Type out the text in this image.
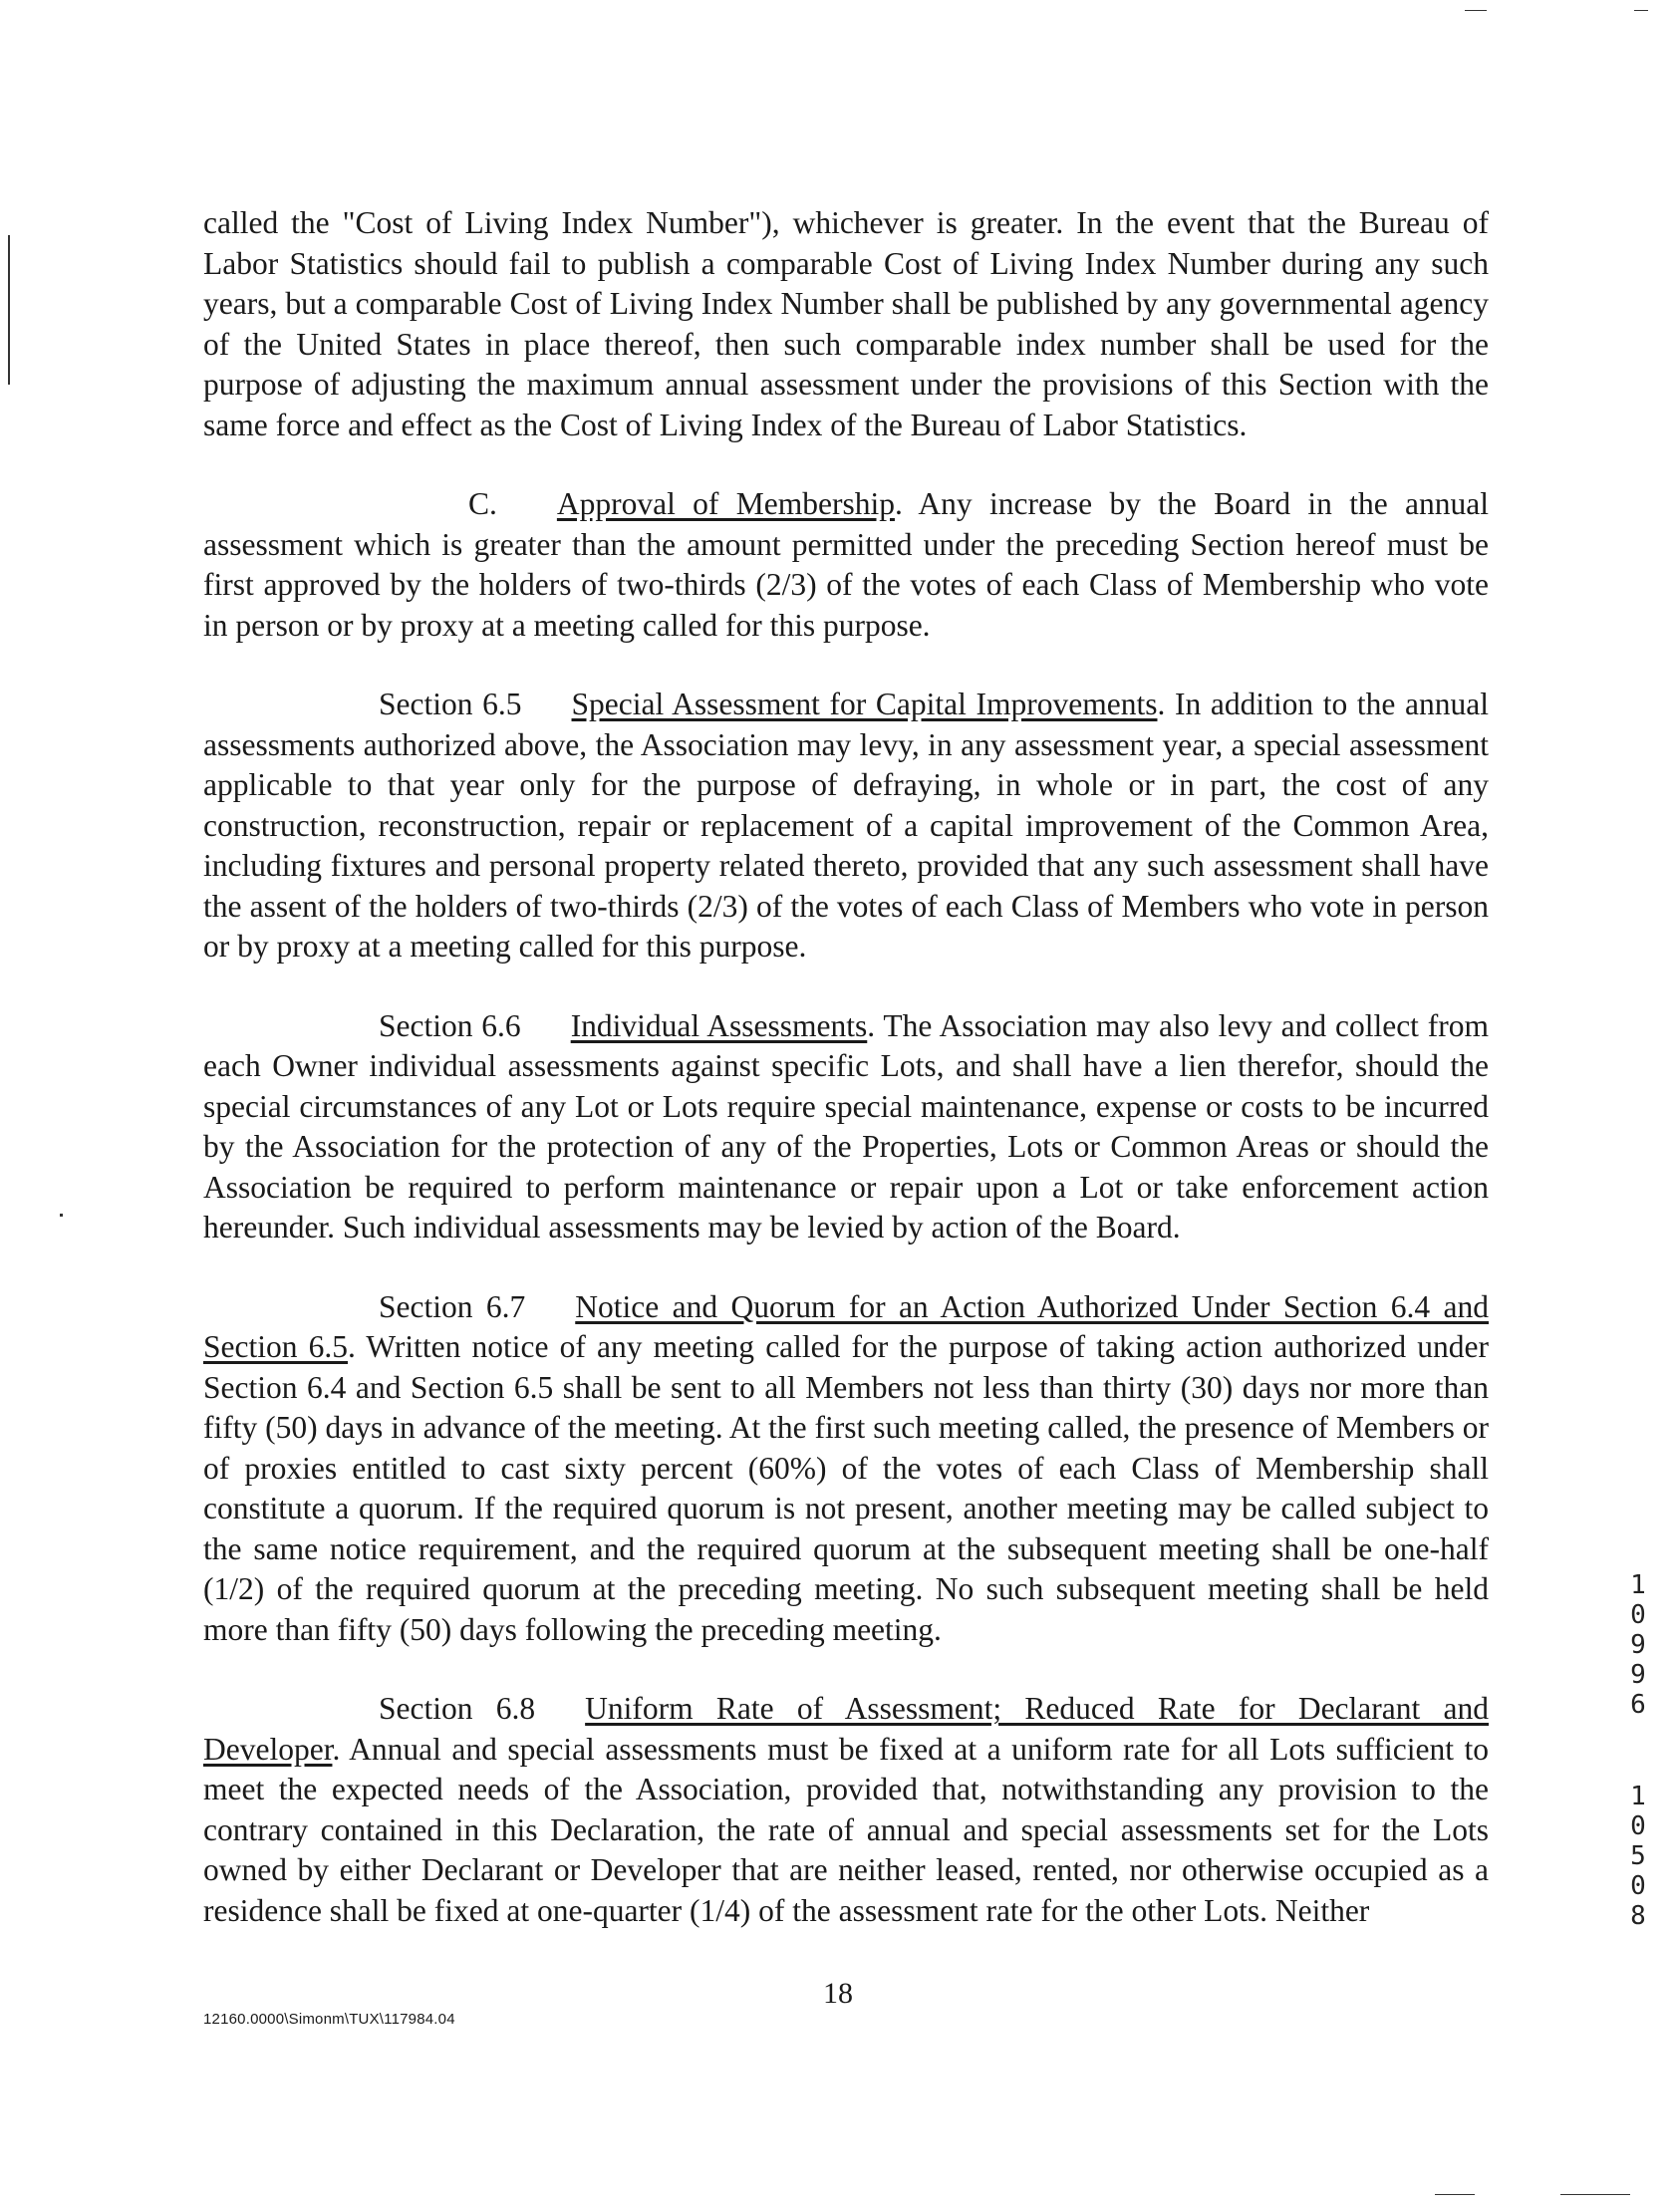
called the "Cost of Living Index Number"), whichever is greater. In the event that the Bureau of Labor Statistics should fail to publish a comparable Cost of Living Index Number during any such years, but a comparable Cost of Living Index Number shall be published by any governmental agency of the United States in place thereof, then such comparable index number shall be used for the purpose of adjusting the maximum annual assessment under the provisions of this Section with the same force and effect as the Cost of Living Index of the Bureau of Labor Statistics.

C. Approval of Membership. Any increase by the Board in the annual assessment which is greater than the amount permitted under the preceding Section hereof must be first approved by the holders of two-thirds (2/3) of the votes of each Class of Membership who vote in person or by proxy at a meeting called for this purpose.

Section 6.5 Special Assessment for Capital Improvements. In addition to the annual assessments authorized above, the Association may levy, in any assessment year, a special assessment applicable to that year only for the purpose of defraying, in whole or in part, the cost of any construction, reconstruction, repair or replacement of a capital improvement of the Common Area, including fixtures and personal property related thereto, provided that any such assessment shall have the assent of the holders of two-thirds (2/3) of the votes of each Class of Members who vote in person or by proxy at a meeting called for this purpose.

Section 6.6 Individual Assessments. The Association may also levy and collect from each Owner individual assessments against specific Lots, and shall have a lien therefor, should the special circumstances of any Lot or Lots require special maintenance, expense or costs to be incurred by the Association for the protection of any of the Properties, Lots or Common Areas or should the Association be required to perform maintenance or repair upon a Lot or take enforcement action hereunder. Such individual assessments may be levied by action of the Board.

Section 6.7 Notice and Quorum for an Action Authorized Under Section 6.4 and Section 6.5. Written notice of any meeting called for the purpose of taking action authorized under Section 6.4 and Section 6.5 shall be sent to all Members not less than thirty (30) days nor more than fifty (50) days in advance of the meeting. At the first such meeting called, the presence of Members or of proxies entitled to cast sixty percent (60%) of the votes of each Class of Membership shall constitute a quorum. If the required quorum is not present, another meeting may be called subject to the same notice requirement, and the required quorum at the subsequent meeting shall be one-half (1/2) of the required quorum at the preceding meeting. No such subsequent meeting shall be held more than fifty (50) days following the preceding meeting.

Section 6.8 Uniform Rate of Assessment; Reduced Rate for Declarant and Developer. Annual and special assessments must be fixed at a uniform rate for all Lots sufficient to meet the expected needs of the Association, provided that, notwithstanding any provision to the contrary contained in this Declaration, the rate of annual and special assessments set for the Lots owned by either Declarant or Developer that are neither leased, rented, nor otherwise occupied as a residence shall be fixed at one-quarter (1/4) of the assessment rate for the other Lots. Neither

18
12160.0000\Simonm\TUX\117984.04
1
0
9
9
6
1
0
5
0
8
